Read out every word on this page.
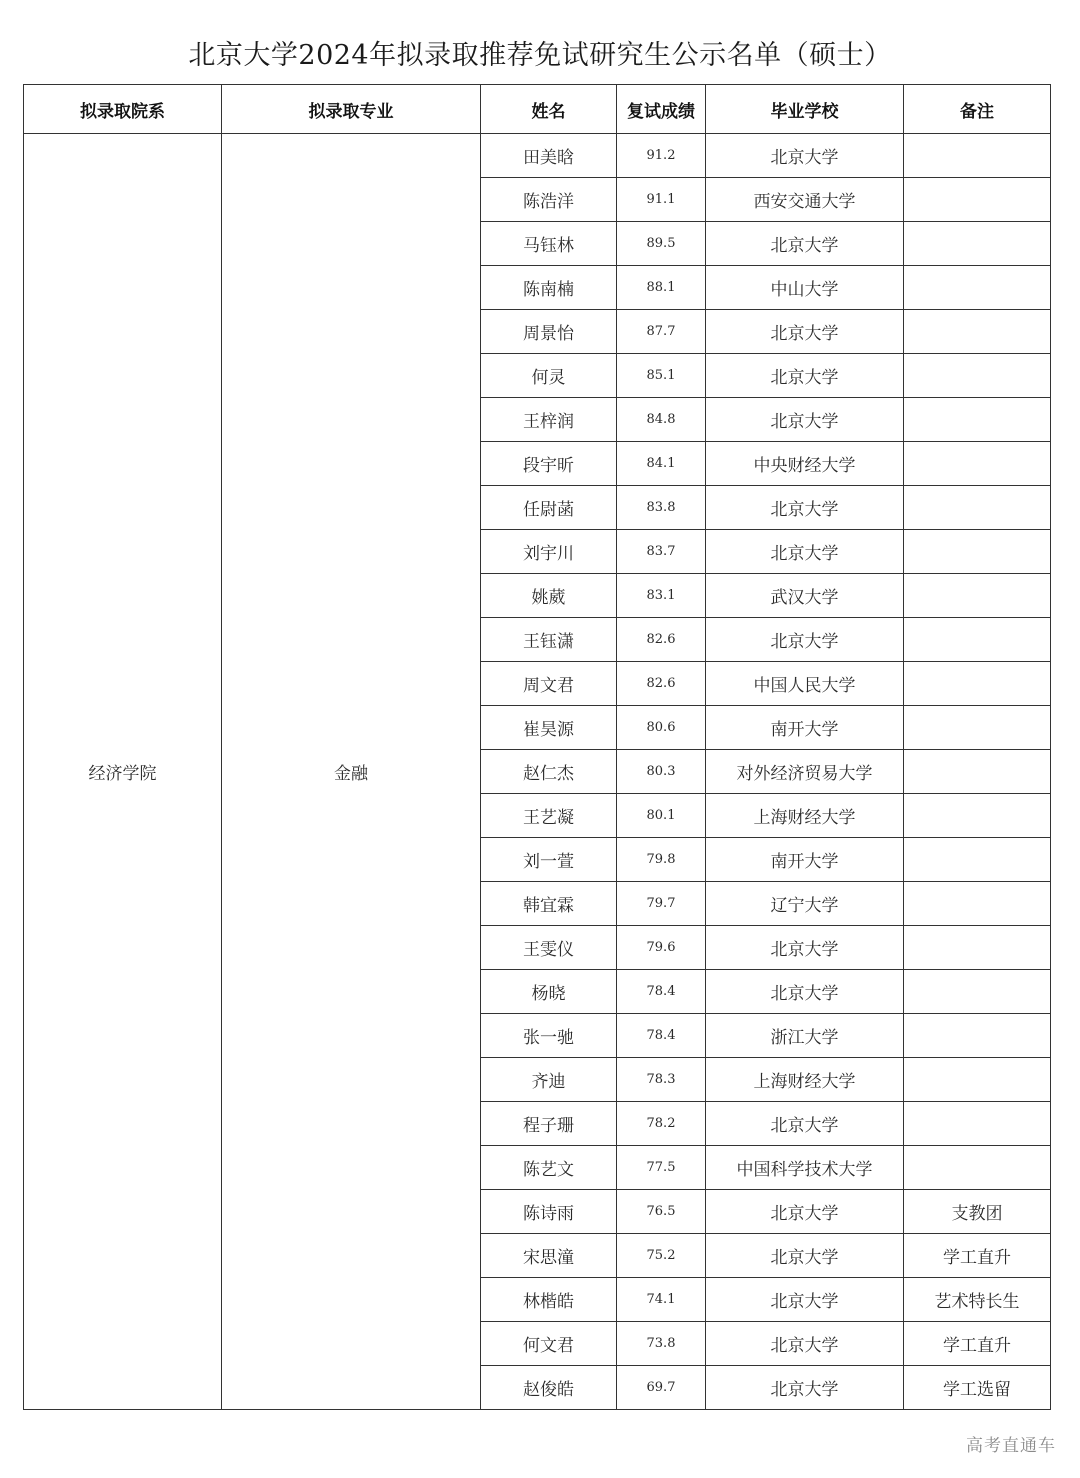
北京大学2024年拟录取推荐免试研究生公示名单（硕士）
拟录取院系	拟录取专业	姓名	复试成绩	毕业学校	备注
经济学院	金融	田美晗	91.2	北京大学	
		陈浩洋	91.1	西安交通大学	
		马钰林	89.5	北京大学	
		陈南楠	88.1	中山大学	
		周景怡	87.7	北京大学	
		何灵	85.1	北京大学	
		王梓润	84.8	北京大学	
		段宇昕	84.1	中央财经大学	
		任尉菡	83.8	北京大学	
		刘宇川	83.7	北京大学	
		姚葳	83.1	武汉大学	
		王钰潇	82.6	北京大学	
		周文君	82.6	中国人民大学	
		崔昊源	80.6	南开大学	
		赵仁杰	80.3	对外经济贸易大学	
		王艺凝	80.1	上海财经大学	
		刘一萱	79.8	南开大学	
		韩宜霖	79.7	辽宁大学	
		王雯仪	79.6	北京大学	
		杨晓	78.4	北京大学	
		张一驰	78.4	浙江大学	
		齐迪	78.3	上海财经大学	
		程子珊	78.2	北京大学	
		陈艺文	77.5	中国科学技术大学	
		陈诗雨	76.5	北京大学	支教团
		宋思潼	75.2	北京大学	学工直升
		林楷皓	74.1	北京大学	艺术特长生
		何文君	73.8	北京大学	学工直升
		赵俊皓	69.7	北京大学	学工选留
高考直通车
